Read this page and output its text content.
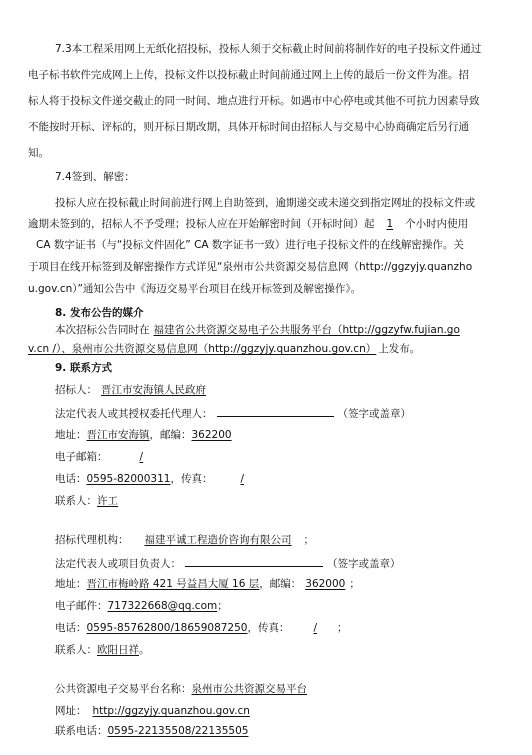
7.3本工程采用网上无纸化招投标，投标人须于交标截止时间前将制作好的电子投标文件通过
电子标书软件完成网上上传，投标文件以投标截止时间前通过网上上传的最后一份文件为准。招
标人将于投标文件递交截止的同一时间、地点进行开标。如遇市中心停电或其他不可抗力因素导致
不能按时开标、评标的，则开标日期改期，具体开标时间由招标人与交易中心协商确定后另行通
知。
7.4签到、解密：
投标人应在投标截止时间前进行网上自助签到，逾期递交或未递交到指定网址的投标文件或
逾期未签到的，招标人不予受理；投标人应在开始解密时间（开标时间）起 1 个小时内使用
CA 数字证书（与“投标文件固化” CA 数字证书一致）进行电子投标文件的在线解密操作。关
于项目在线开标签到及解密操作方式详见“泉州市公共资源交易信息网（http://ggzyjy.quanzho
u.gov.cn）”通知公告中《海迈交易平台项目在线开标签到及解密操作》。
8. 发布公告的媒介
本次招标公告同时在 福建省公共资源交易电子公共服务平台（http://ggzyfw.fujian.go
v.cn /）、泉州市公共资源交易信息网（http://ggzyjy.quanzhou.gov.cn） 上发布。
9. 联系方式
招标人： 晋江市安海镇人民政府
法定代表人或其授权委托代理人：	（签字或盖章）
地址：晋江市安海镇，邮编：362200
电子邮箱：	/
电话：0595-82000311，传真：	/
联系人：许工
招标代理机构： 福建平诚工程造价咨询有限公司 ；
法定代表人或项目负责人：	（签字或盖章）
地址：晋江市梅岭路 421 号益昌大厦 16 层，邮编： 362000 ；
电子邮件：717322668@qq.com；
电话：0595-85762800/18659087250，传真： / ；
联系人：欧阳日祥。
公共资源电子交易平台名称：泉州市公共资源交易平台
网址： http://ggzyjy.quanzhou.gov.cn
联系电话：0595-22135508/22135505
